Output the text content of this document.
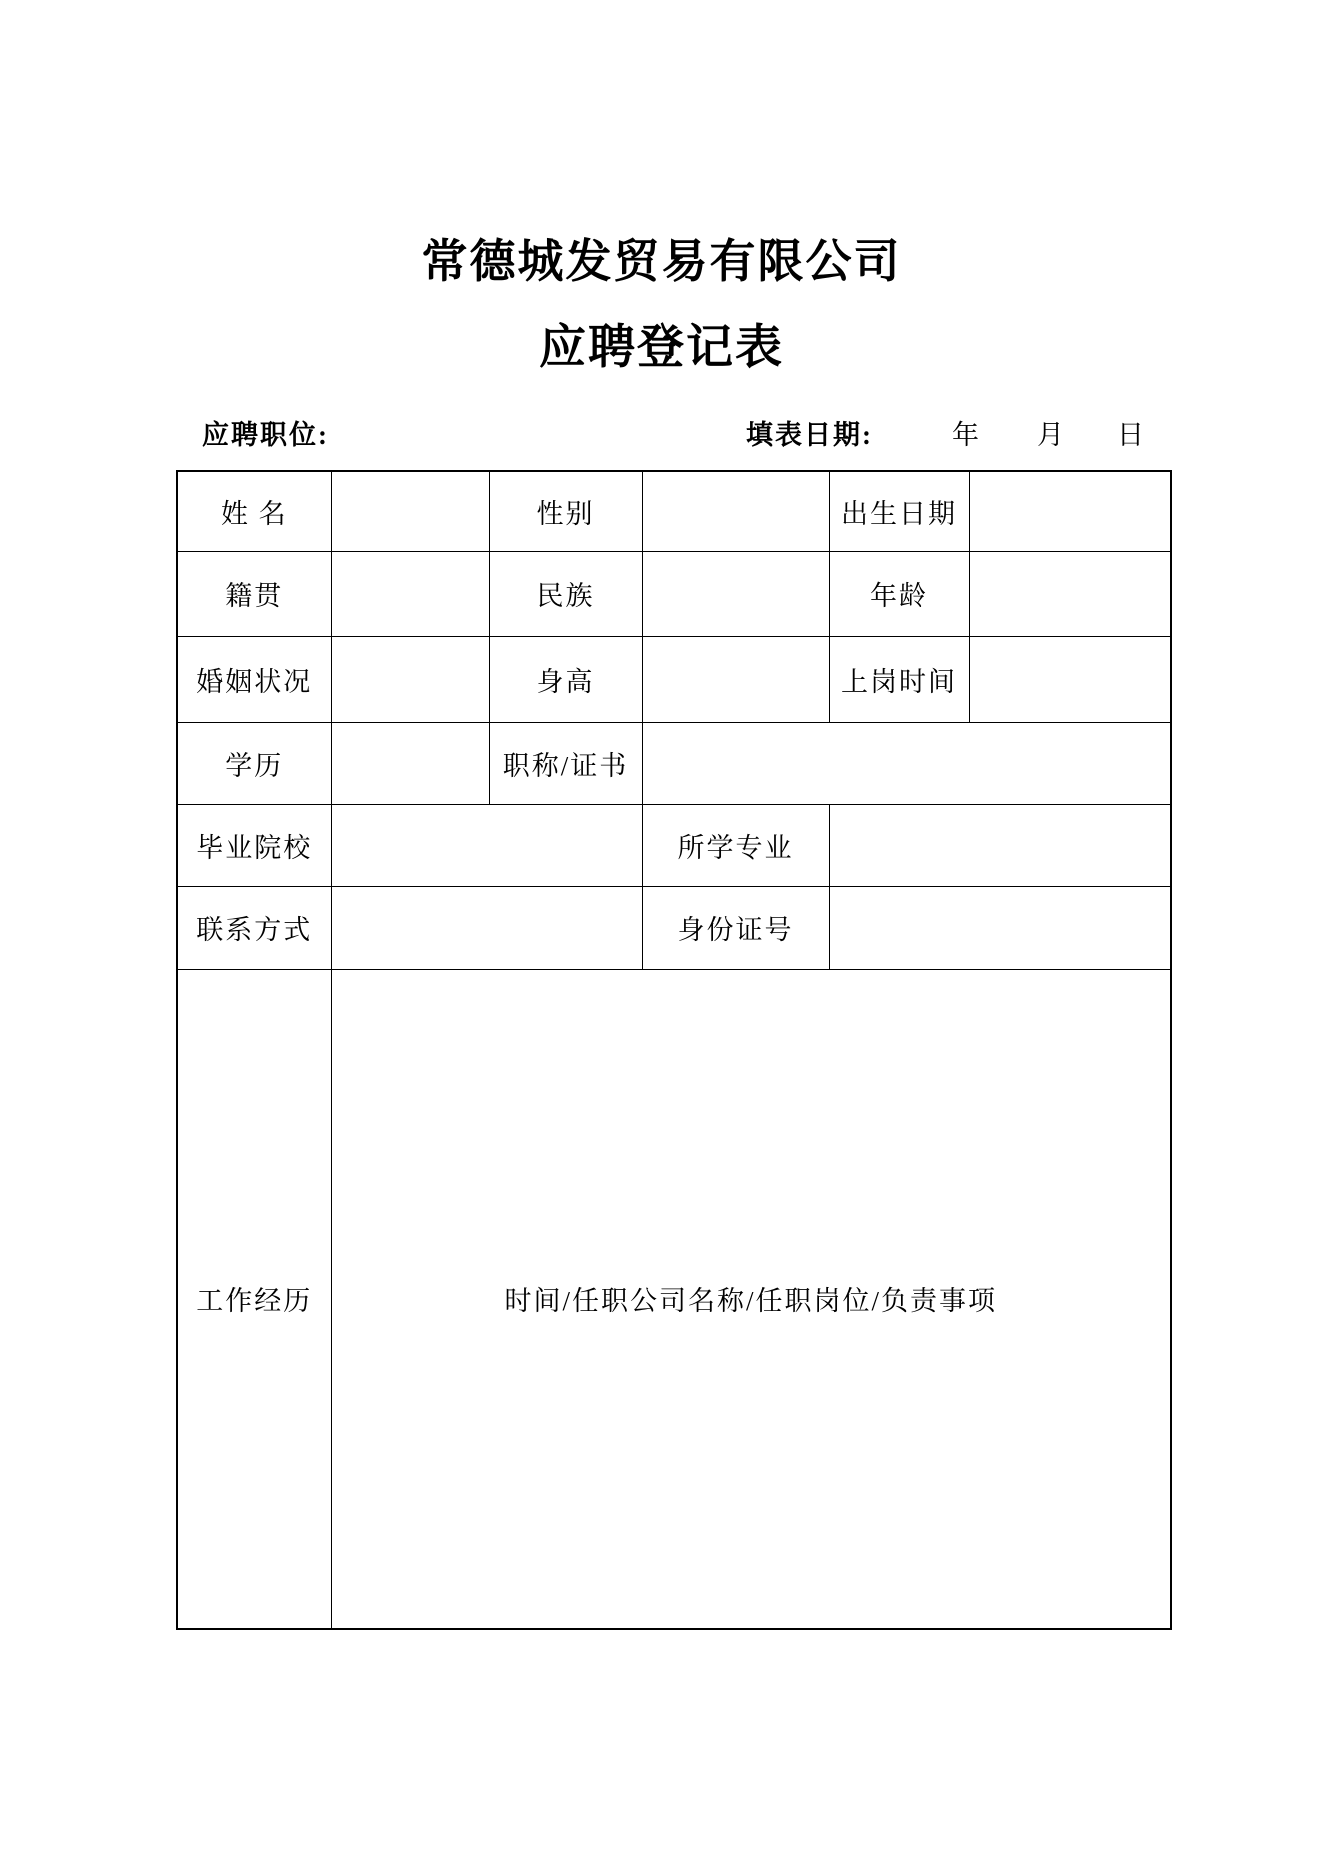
常德城发贸易有限公司
应聘登记表
应聘职位:	填表日期:	年 月 日
姓 名		性别		出生日期	
籍贯		民族		年龄	
婚姻状况		身高		上岗时间	
学历		职称/证书			
毕业院校			所学专业		
联系方式			身份证号		
工作经历	时间/任职公司名称/任职岗位/负责事项				
